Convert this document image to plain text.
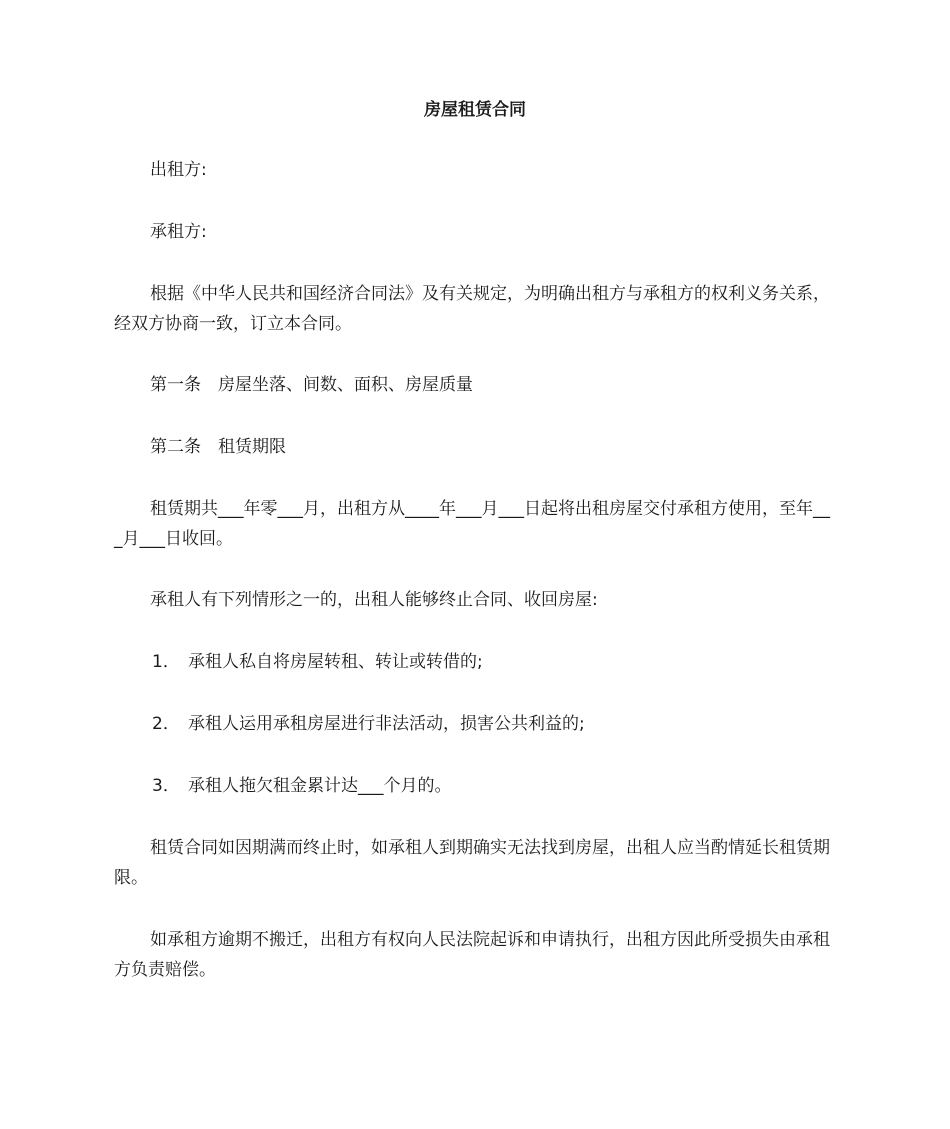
房屋租赁合同

出租方:

承租方:

根据《中华人民共和国经济合同法》及有关规定，为明确出租方与承租方的权利义务关系，经双方协商一致，订立本合同。

第一条　房屋坐落、间数、面积、房屋质量

第二条　租赁期限

租赁期共___年零___月，出租方从____年___月___日起将出租房屋交付承租方使用，至年___月___日收回。

承租人有下列情形之一的，出租人能够终止合同、收回房屋:

1． 承租人私自将房屋转租、转让或转借的;

2． 承租人运用承租房屋进行非法活动，损害公共利益的;

3． 承租人拖欠租金累计达___个月的。

租赁合同如因期满而终止时，如承租人到期确实无法找到房屋，出租人应当酌情延长租赁期限。

如承租方逾期不搬迁，出租方有权向人民法院起诉和申请执行，出租方因此所受损失由承租方负责赔偿。
